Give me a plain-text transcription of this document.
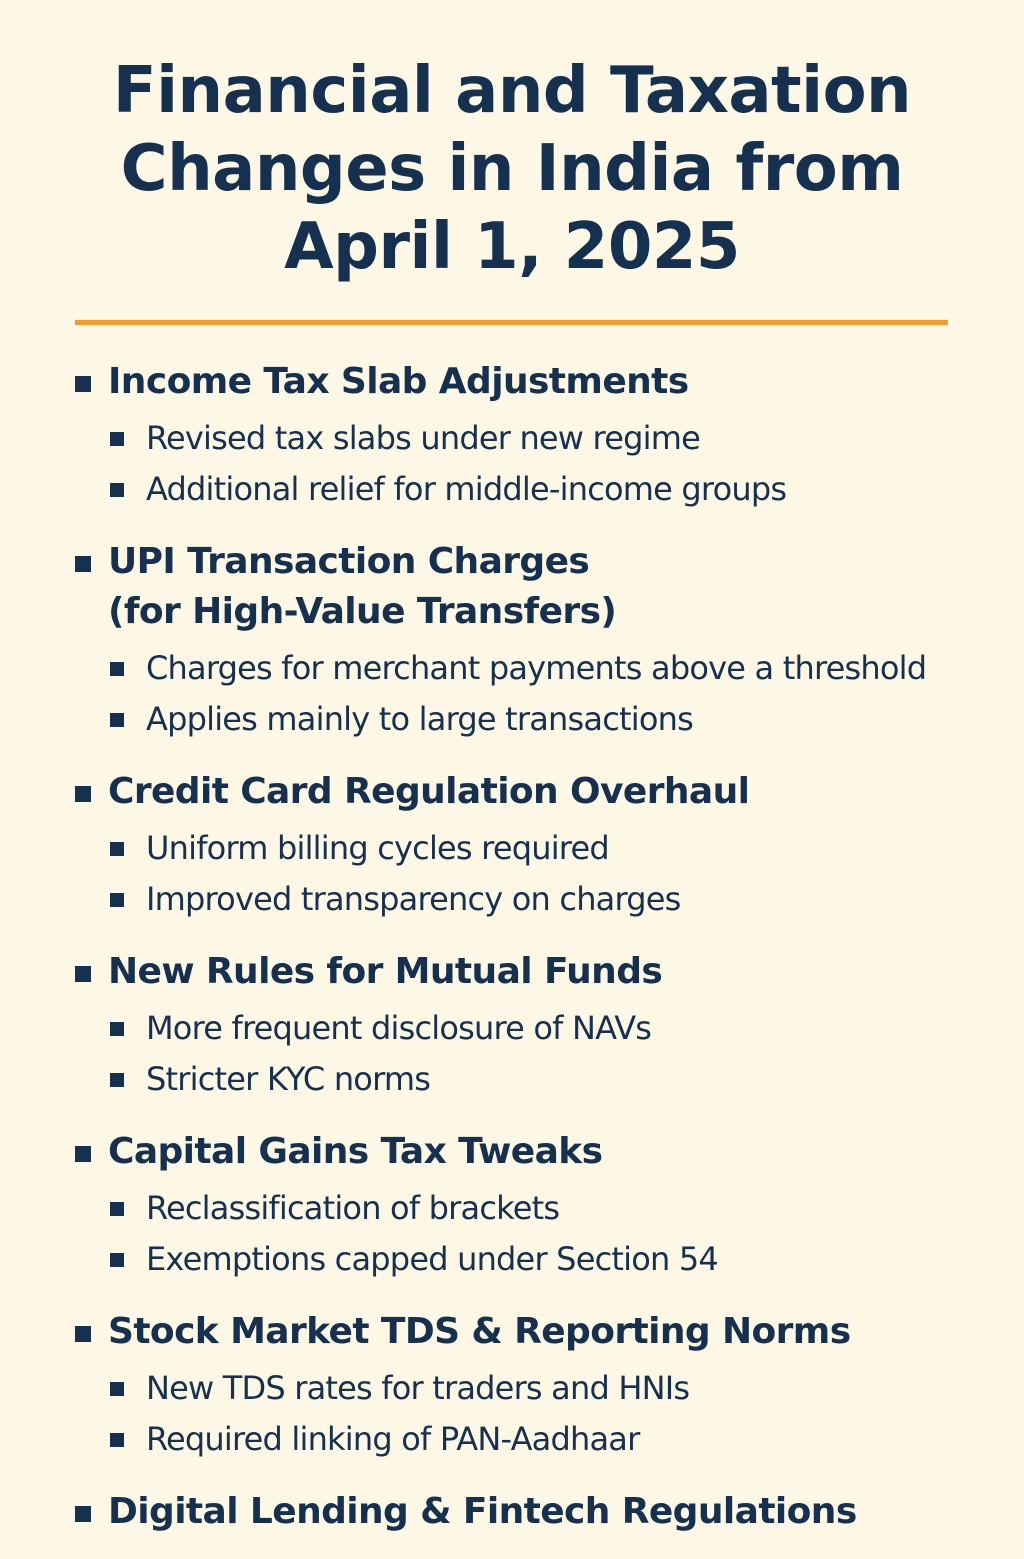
Financial and Taxation
Changes in India from
April 1, 2025
Income Tax Slab Adjustments
Revised tax slabs under new regime
Additional relief for middle-income groups
UPI Transaction Charges
(for High-Value Transfers)
Charges for merchant payments above a threshold
Applies mainly to large transactions
Credit Card Regulation Overhaul
Uniform billing cycles required
Improved transparency on charges
New Rules for Mutual Funds
More frequent disclosure of NAVs
Stricter KYC norms
Capital Gains Tax Tweaks
Reclassification of brackets
Exemptions capped under Section 54
Stock Market TDS & Reporting Norms
New TDS rates for traders and HNIs
Required linking of PAN-Aadhaar
Digital Lending & Fintech Regulations
